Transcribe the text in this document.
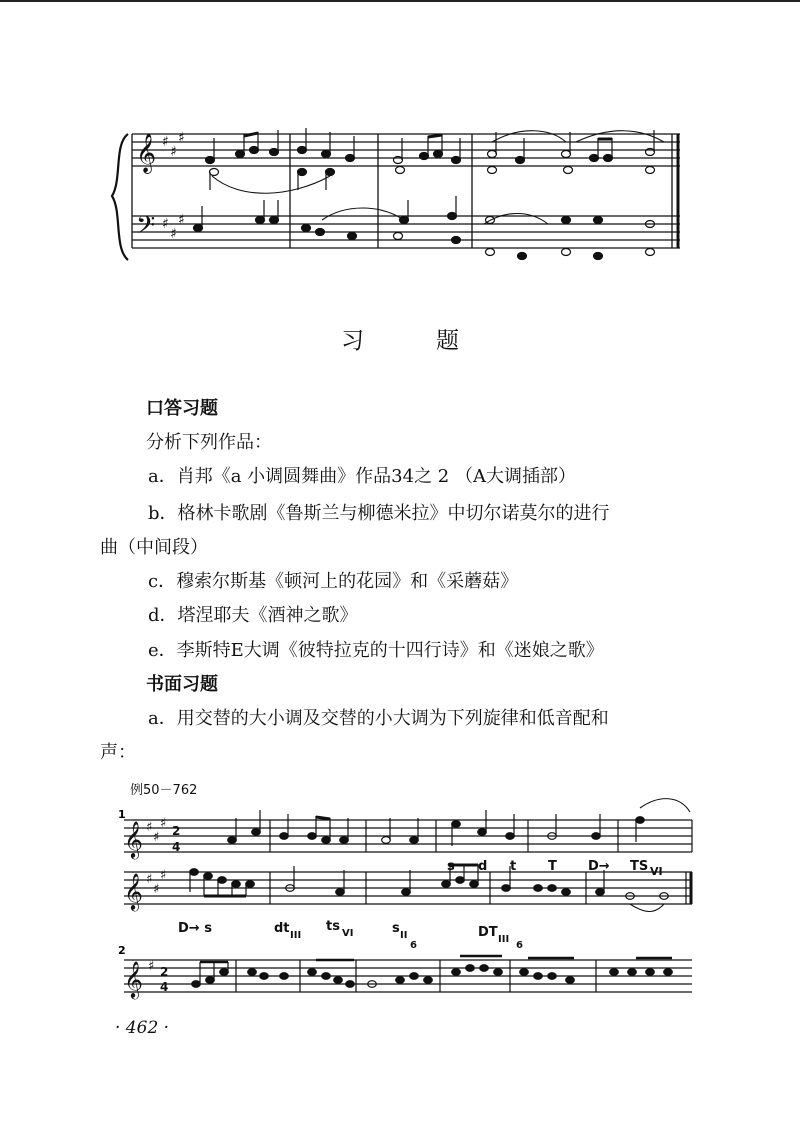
𝄞
𝄢
♯
♯
♯
♯
♯
♯
习	题
口答习题
分析下列作品：
a．肖邦《a 小调圆舞曲》作品34之 2 （A大调插部）
b．格林卡歌剧《鲁斯兰与柳德米拉》中切尔诺莫尔的进行
曲（中间段）
c．穆索尔斯基《顿河上的花园》和《采蘑菇》
d．塔涅耶夫《酒神之歌》
e．李斯特E大调《彼特拉克的十四行诗》和《迷娘之歌》
书面习题
a．用交替的大小调及交替的小大调为下列旋律和低音配和
声：
例50－762
𝄞
𝄞
𝄞
♯
♯
♯
♯
♯
♯
♯
2
4
2
4
1
2
s d t T D→ TS VI
D→ s	dt III
ts VI	s II
6
DT III
6
· 462 ·
